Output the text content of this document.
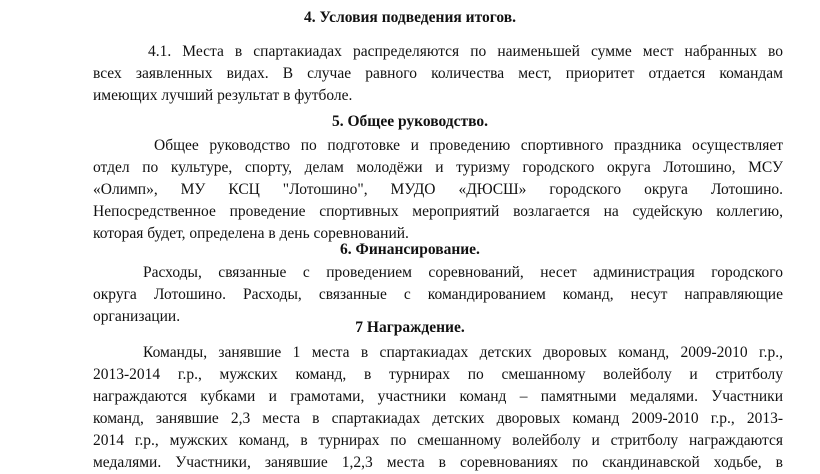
4. Условия подведения итогов.
4.1. Места в спартакиадах распределяются по наименьшей сумме мест набранных во
всех заявленных видах. В случае равного количества мест, приоритет отдается командам
имеющих лучший результат в футболе.
5. Общее руководство.
Общее руководство по подготовке и проведению спортивного праздника осуществляет
отдел по культуре, спорту, делам молодёжи и туризму городского округа Лотошино, МСУ
«Олимп», МУ КСЦ "Лотошино", МУДО «ДЮСШ» городского округа Лотошино.
Непосредственное проведение спортивных мероприятий возлагается на судейскую коллегию,
которая будет, определена в день соревнований.
6. Финансирование.
Расходы, связанные с проведением соревнований, несет администрация городского
округа Лотошино. Расходы, связанные с командированием команд, несут направляющие
организации.
7 Награждение.
Команды, занявшие 1 места в спартакиадах детских дворовых команд, 2009-2010 г.р.,
2013-2014 г.р., мужских команд, в турнирах по смешанному волейболу и стритболу
награждаются кубками и грамотами, участники команд – памятными медалями. Участники
команд, занявшие 2,3 места в спартакиадах детских дворовых команд 2009-2010 г.р., 2013-
2014 г.р., мужских команд, в турнирах по смешанному волейболу и стритболу награждаются
медалями. Участники, занявшие 1,2,3 места в соревнованиях по скандинавской ходьбе, в
